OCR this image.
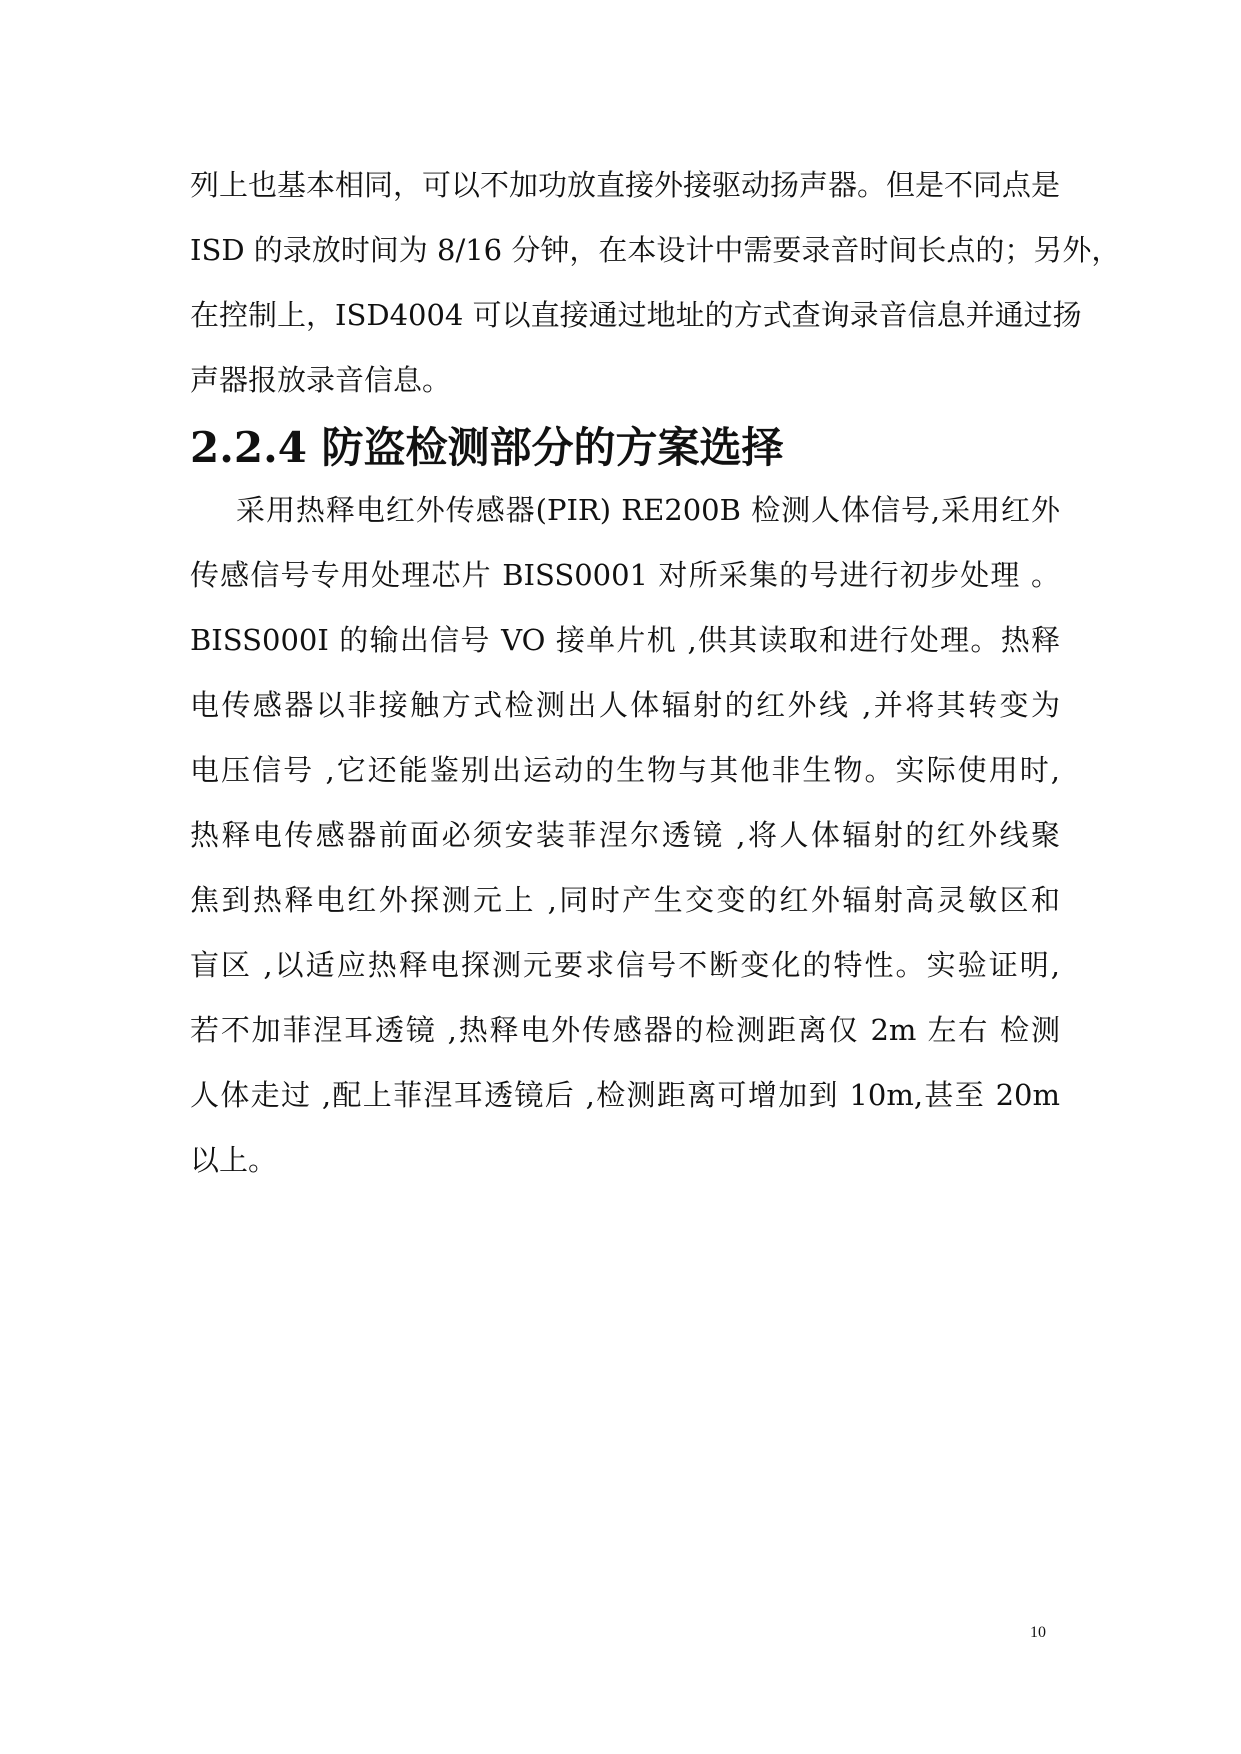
列上也基本相同，可以不加功放直接外接驱动扬声器。但是不同点是
ISD 的录放时间为 8/16 分钟，在本设计中需要录音时间长点的；另外，
在控制上，ISD4004 可以直接通过地址的方式查询录音信息并通过扬
声器报放录音信息。
2.2.4 防盗检测部分的方案选择
采用热释电红外传感器(PIR) RE200B 检测人体信号,采用红外
传感信号专用处理芯片 BISS0001 对所采集的号进行初步处理 。
BISS000I 的输出信号 VO 接单片机 ,供其读取和进行处理。热释
电传感器以非接触方式检测出人体辐射的红外线 ,并将其转变为
电压信号 ,它还能鉴别出运动的生物与其他非生物。实际使用时,
热释电传感器前面必须安装菲涅尔透镜 ,将人体辐射的红外线聚
焦到热释电红外探测元上 ,同时产生交变的红外辐射高灵敏区和
盲区 ,以适应热释电探测元要求信号不断变化的特性。实验证明,
若不加菲涅耳透镜 ,热释电外传感器的检测距离仅 2m 左右 检测
人体走过 ,配上菲涅耳透镜后 ,检测距离可增加到 10m,甚至 20m
以上。
10
